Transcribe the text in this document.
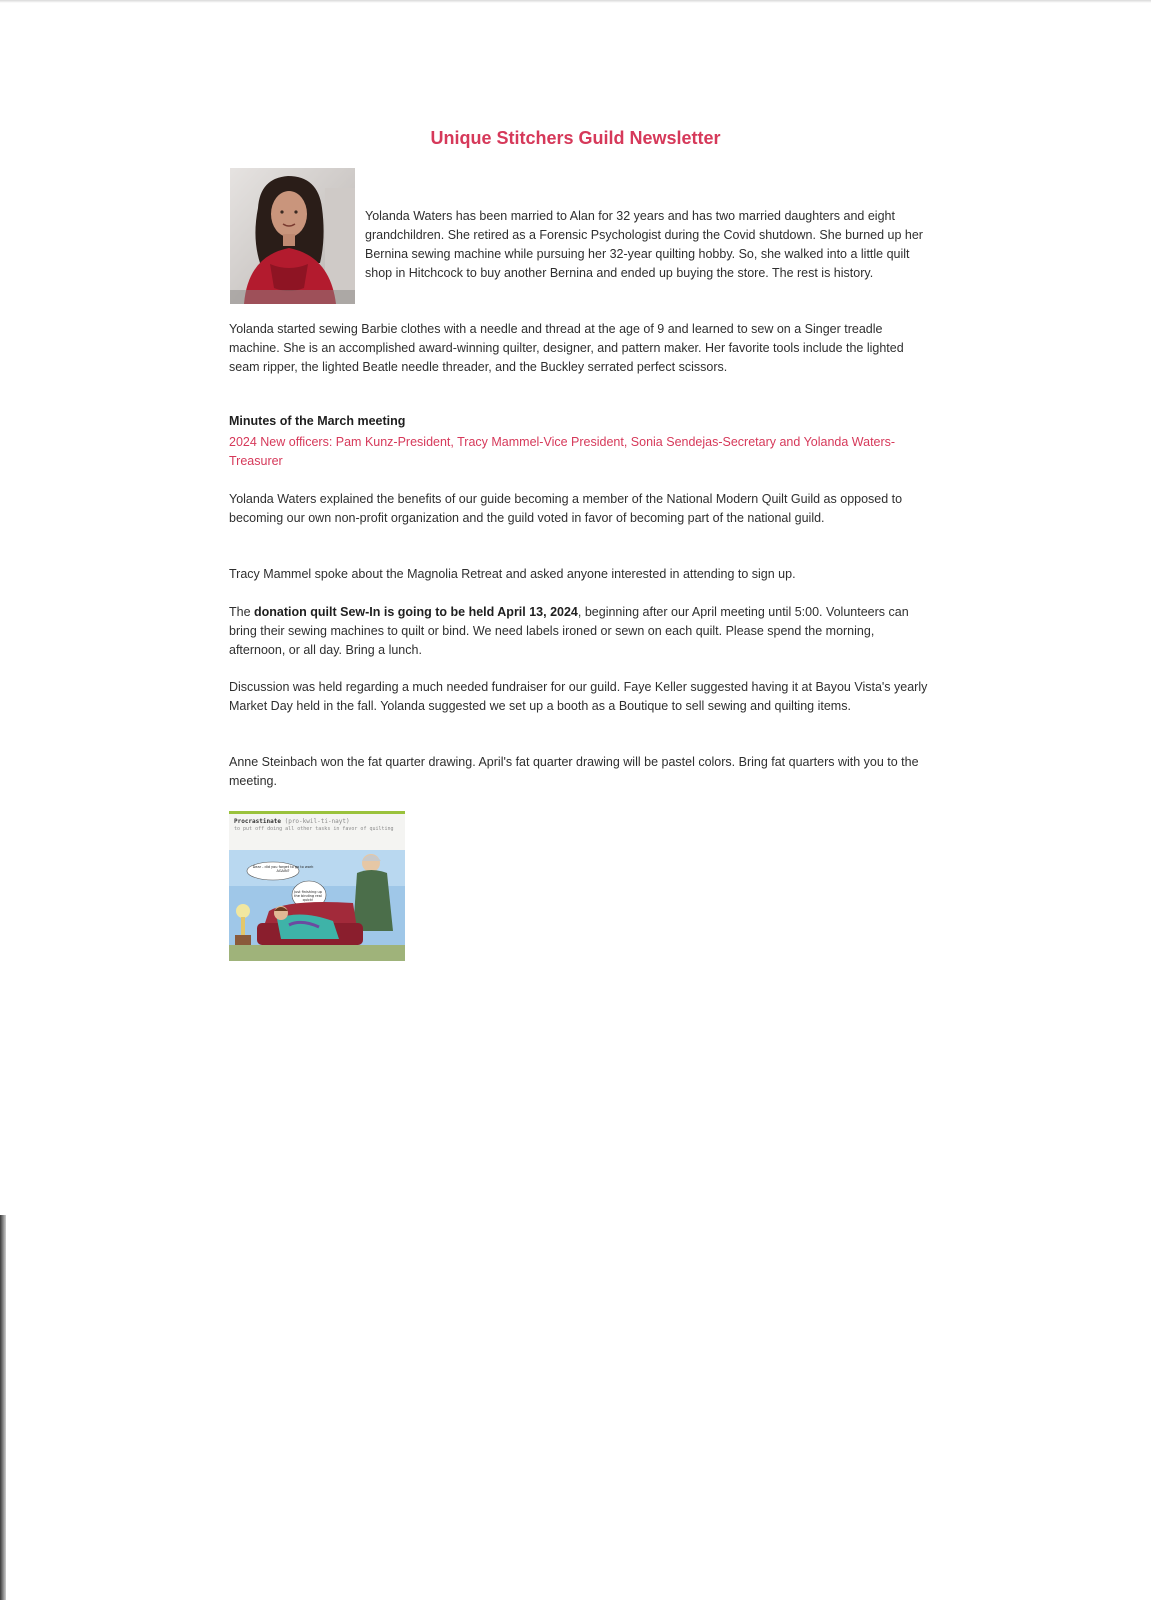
Unique Stitchers Guild Newsletter

Yolanda Waters has been married to Alan for 32 years and has two married daughters and eight grandchildren. She retired as a Forensic Psychologist during the Covid shutdown. She burned up her Bernina sewing machine while pursuing her 32-year quilting hobby. So, she walked into a little quilt shop in Hitchcock to buy another Bernina and ended up buying the store. The rest is history.

Yolanda started sewing Barbie clothes with a needle and thread at the age of 9 and learned to sew on a Singer treadle machine. She is an accomplished award-winning quilter, designer, and pattern maker. Her favorite tools include the lighted seam ripper, the lighted Beatle needle threader, and the Buckley serrated perfect scissors.

Minutes of the March meeting
2024 New officers: Pam Kunz-President, Tracy Mammel-Vice President, Sonia Sendejas-Secretary and Yolanda Waters-Treasurer

Yolanda Waters explained the benefits of our guide becoming a member of the National Modern Quilt Guild as opposed to becoming our own non-profit organization and the guild voted in favor of becoming part of the national guild.

Tracy Mammel spoke about the Magnolia Retreat and asked anyone interested in attending to sign up.

The donation quilt Sew-In is going to be held April 13, 2024, beginning after our April meeting until 5:00. Volunteers can bring their sewing machines to quilt or bind. We need labels ironed or sewn on each quilt. Please spend the morning, afternoon, or all day. Bring a lunch.

Discussion was held regarding a much needed fundraiser for our guild. Faye Keller suggested having it at Bayou Vista's yearly Market Day held in the fall. Yolanda suggested we set up a booth as a Boutique to sell sewing and quilting items.

Anne Steinbach won the fat quarter drawing. April's fat quarter drawing will be pastel colors. Bring fat quarters with you to the meeting.

Procrastinate (pro-kwil-ti-nayt)
to put off doing all other tasks in favor of quilting
Dear - did you forget to go to work AGAIN?
Just finishing up the binding real quick!
